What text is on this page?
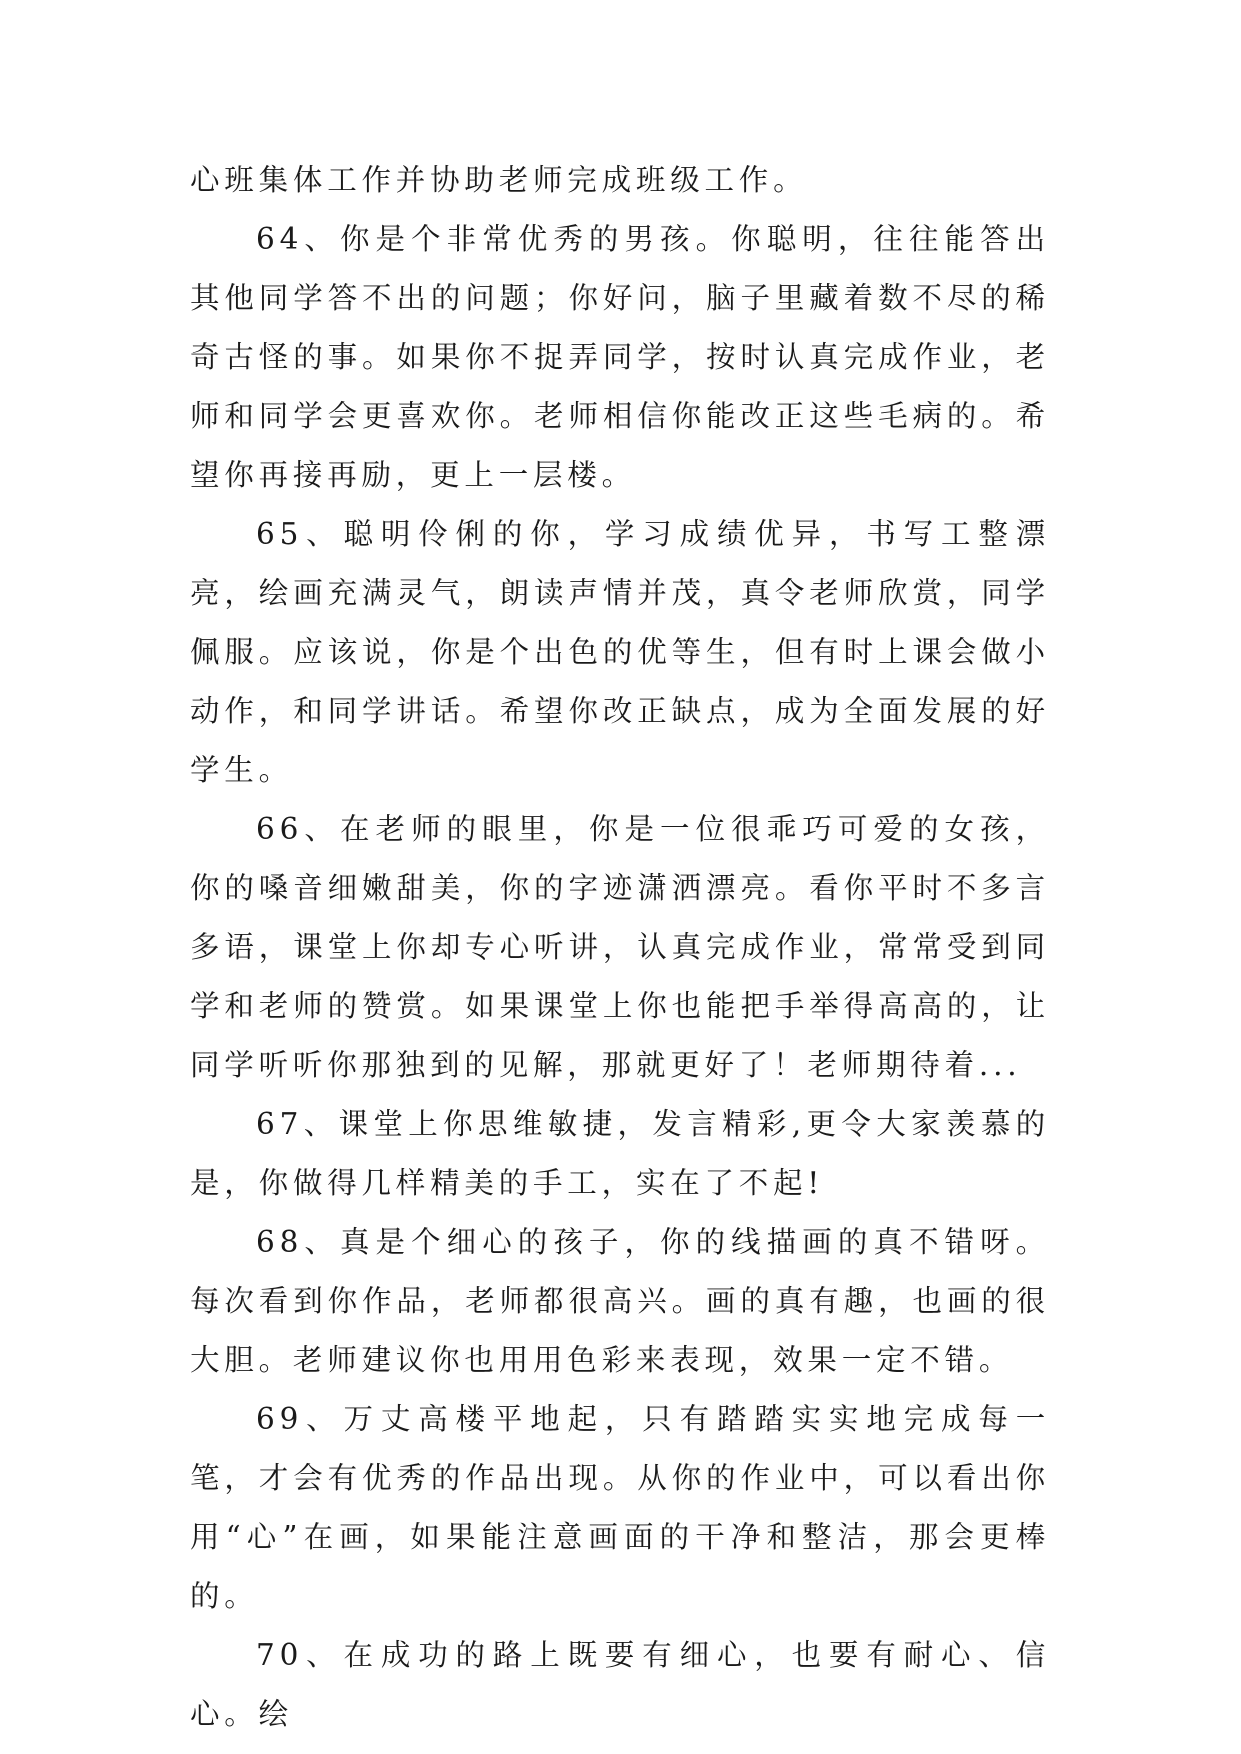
心班集体工作并协助老师完成班级工作。

64、你是个非常优秀的男孩。你聪明，往往能答出其他同学答不出的问题；你好问，脑子里藏着数不尽的稀奇古怪的事。如果你不捉弄同学，按时认真完成作业，老师和同学会更喜欢你。老师相信你能改正这些毛病的。希望你再接再励，更上一层楼。

65、聪明伶俐的你，学习成绩优异，书写工整漂亮，绘画充满灵气，朗读声情并茂，真令老师欣赏，同学佩服。应该说，你是个出色的优等生，但有时上课会做小动作，和同学讲话。希望你改正缺点，成为全面发展的好学生。

66、在老师的眼里，你是一位很乖巧可爱的女孩，你的嗓音细嫩甜美，你的字迹潇洒漂亮。看你平时不多言多语，课堂上你却专心听讲，认真完成作业，常常受到同学和老师的赞赏。如果课堂上你也能把手举得高高的，让同学听听你那独到的见解，那就更好了！老师期待着...

67、课堂上你思维敏捷，发言精彩,更令大家羡慕的是，你做得几样精美的手工，实在了不起!

68、真是个细心的孩子，你的线描画的真不错呀。每次看到你作品，老师都很高兴。画的真有趣，也画的很大胆。老师建议你也用用色彩来表现，效果一定不错。

69、万丈高楼平地起，只有踏踏实实地完成每一笔，才会有优秀的作品出现。从你的作业中，可以看出你用“心”在画，如果能注意画面的干净和整洁，那会更棒的。

70、在成功的路上既要有细心，也要有耐心、信心。绘
